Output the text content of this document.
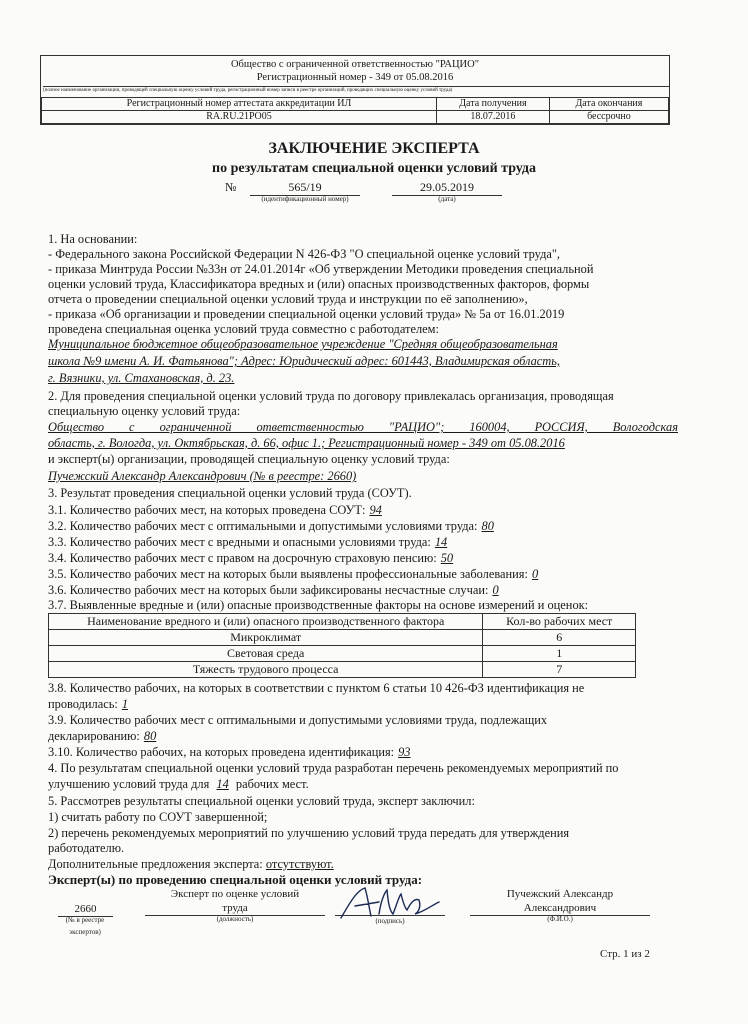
Общество с ограниченной ответственностью "РАЦИО"
Регистрационный номер - 349 от 05.08.2016
(полное наименование организации, проводящей специальную оценку условий труда, регистрационный номер записи в реестре организаций, проводящих специальную оценку условий труда)
Регистрационный номер аттестата аккредитации ИЛ	Дата получения	Дата окончания
RA.RU.21PO05	18.07.2016	бессрочно
ЗАКЛЮЧЕНИЕ ЭКСПЕРТА
по результатам специальной оценки условий труда
№	565/19	29.05.2019
(идентификационный номер)	(дата)
1. На основании:
- Федерального закона Российской Федерации N 426-ФЗ "О специальной оценке условий труда",
- приказа Минтруда России №33н от 24.01.2014г «Об утверждении Методики проведения специальной
оценки условий труда, Классификатора вредных и (или) опасных производственных факторов, формы
отчета о проведении специальной оценки условий труда и инструкции по её заполнению»,
- приказа «Об организации и проведении специальной оценки условий труда» № 5а от 16.01.2019
проведена специальная оценка условий труда совместно с работодателем:
Муниципальное бюджетное общеобразовательное учреждение "Средняя общеобразовательная
школа №9 имени А. И. Фатьянова"; Адрес: Юридический адрес: 601443, Владимирская область,
г. Вязники, ул. Стахановская, д. 23.
2. Для проведения специальной оценки условий труда по договору привлекалась организация, проводящая
специальную оценку условий труда:
Общество с ограниченной ответственностью "РАЦИО"; 160004, РОССИЯ, Вологодская
область, г. Вологда, ул. Октябрьская, д. 66, офис 1.; Регистрационный номер - 349 от 05.08.2016
и эксперт(ы) организации, проводящей специальную оценку условий труда:
Пучежский Александр Александрович (№ в реестре: 2660)
3. Результат проведения специальной оценки условий труда (СОУТ).
3.1. Количество рабочих мест, на которых проведена СОУТ: 94
3.2. Количество рабочих мест с оптимальными и допустимыми условиями труда: 80
3.3. Количество рабочих мест с вредными и опасными условиями труда: 14
3.4. Количество рабочих мест с правом на досрочную страховую пенсию: 50
3.5. Количество рабочих мест на которых были выявлены профессиональные заболевания: 0
3.6. Количество рабочих мест на которых были зафиксированы несчастные случаи: 0
3.7. Выявленные вредные и (или) опасные производственные факторы на основе измерений и оценок:
Наименование вредного и (или) опасного производственного фактора	Кол-во рабочих мест
Микроклимат	6
Световая среда	1
Тяжесть трудового процесса	7
3.8. Количество рабочих, на которых в соответствии с пунктом 6 статьи 10 426-ФЗ идентификация не
проводилась: 1
3.9. Количество рабочих мест с оптимальными и допустимыми условиями труда, подлежащих
декларированию: 80
3.10. Количество рабочих, на которых проведена идентификация: 93
4. По результатам специальной оценки условий труда разработан перечень рекомендуемых мероприятий по
улучшению условий труда для 14 рабочих мест.
5. Рассмотрев результаты специальной оценки условий труда, эксперт заключил:
1) считать работу по СОУТ завершенной;
2) перечень рекомендуемых мероприятий по улучшению условий труда передать для утверждения
работодателю.
Дополнительные предложения эксперта: отсутствуют.
Эксперт(ы) по проведению специальной оценки условий труда:
2660
(№ в реестре
экспертов)
Эксперт по оценке условий
труда
(должность)	(подпись)
Пучежский Александр
Александрович
(Ф.И.О.)
Стр. 1 из 2
